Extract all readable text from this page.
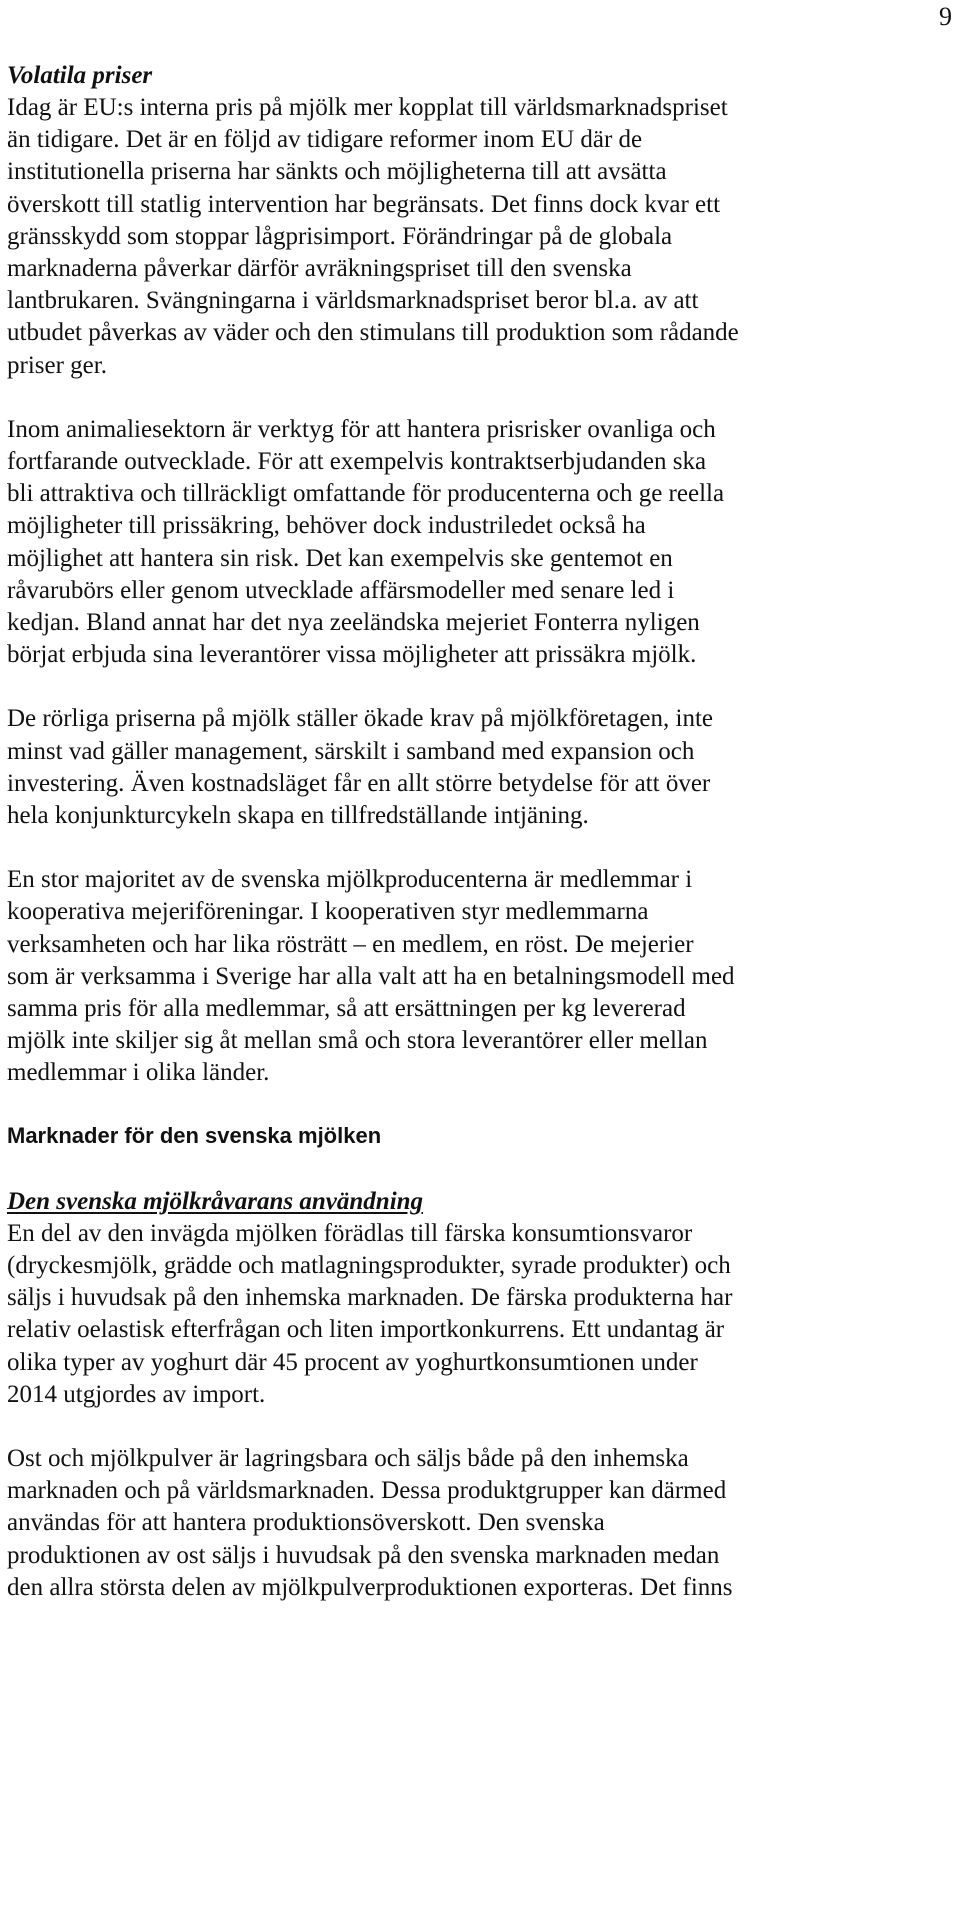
9
Volatila priser

Idag är EU:s interna pris på mjölk mer kopplat till världsmarknadspriset
än tidigare. Det är en följd av tidigare reformer inom EU där de
institutionella priserna har sänkts och möjligheterna till att avsätta
överskott till statlig intervention har begränsats. Det finns dock kvar ett
gränsskydd som stoppar lågprisimport. Förändringar på de globala
marknaderna påverkar därför avräkningspriset till den svenska
lantbrukaren. Svängningarna i världsmarknadspriset beror bl.a. av att
utbudet påverkas av väder och den stimulans till produktion som rådande
priser ger.

Inom animaliesektorn är verktyg för att hantera prisrisker ovanliga och
fortfarande outvecklade. För att exempelvis kontraktserbjudanden ska
bli attraktiva och tillräckligt omfattande för producenterna och ge reella
möjligheter till prissäkring, behöver dock industriledet också ha
möjlighet att hantera sin risk. Det kan exempelvis ske gentemot en
råvarubörs eller genom utvecklade affärsmodeller med senare led i
kedjan. Bland annat har det nya zeeländska mejeriet Fonterra nyligen
börjat erbjuda sina leverantörer vissa möjligheter att prissäkra mjölk.

De rörliga priserna på mjölk ställer ökade krav på mjölkföretagen, inte
minst vad gäller management, särskilt i samband med expansion och
investering. Även kostnadsläget får en allt större betydelse för att över
hela konjunkturcykeln skapa en tillfredställande intjäning.

En stor majoritet av de svenska mjölkproducenterna är medlemmar i
kooperativa mejeriföreningar. I kooperativen styr medlemmarna
verksamheten och har lika rösträtt – en medlem, en röst. De mejerier
som är verksamma i Sverige har alla valt att ha en betalningsmodell med
samma pris för alla medlemmar, så att ersättningen per kg levererad
mjölk inte skiljer sig åt mellan små och stora leverantörer eller mellan
medlemmar i olika länder.

Marknader för den svenska mjölken
Den svenska mjölkråvarans användning

En del av den invägda mjölken förädlas till färska konsumtionsvaror
(dryckesmjölk, grädde och matlagningsprodukter, syrade produkter) och
säljs i huvudsak på den inhemska marknaden. De färska produkterna har
relativ oelastisk efterfrågan och liten importkonkurrens. Ett undantag är
olika typer av yoghurt där 45 procent av yoghurtkonsumtionen under
2014 utgjordes av import.

Ost och mjölkpulver är lagringsbara och säljs både på den inhemska
marknaden och på världsmarknaden. Dessa produktgrupper kan därmed
användas för att hantera produktionsöverskott. Den svenska
produktionen av ost säljs i huvudsak på den svenska marknaden medan
den allra största delen av mjölkpulverproduktionen exporteras. Det finns
